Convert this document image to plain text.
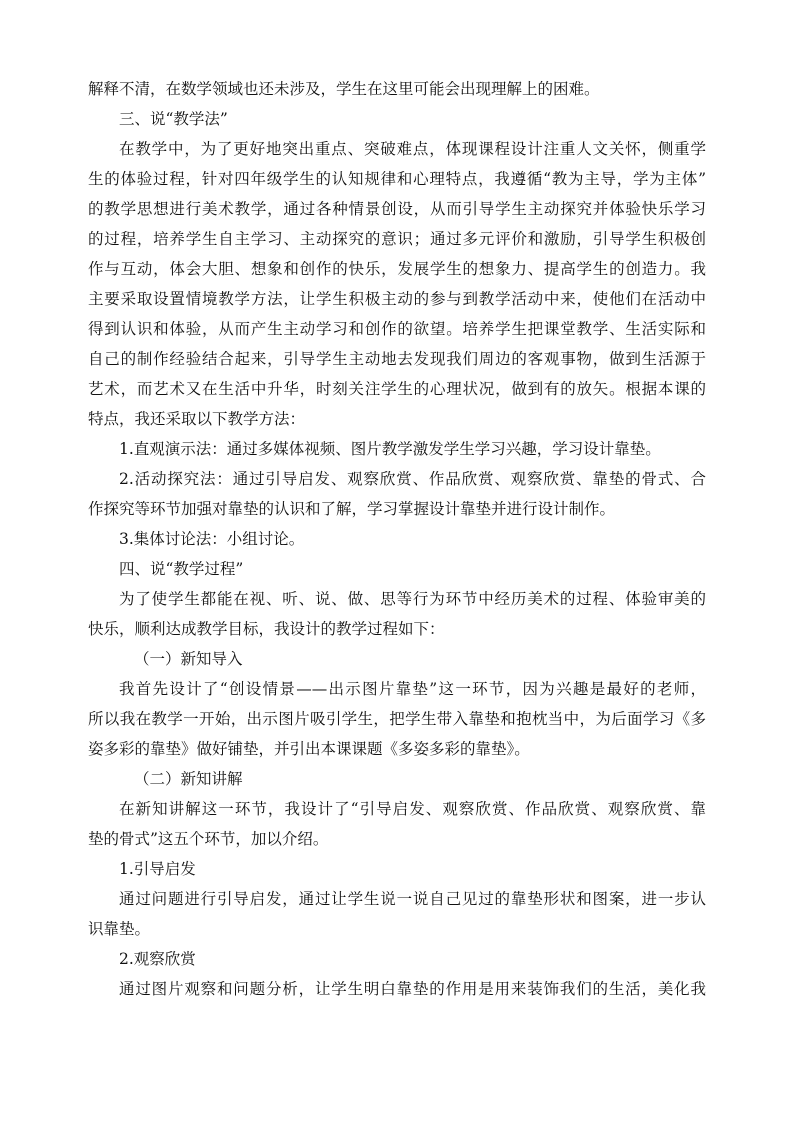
解释不清，在数学领域也还未涉及，学生在这里可能会出现理解上的困难。
三、说“教学法”
在教学中，为了更好地突出重点、突破难点，体现课程设计注重人文关怀，侧重学
生的体验过程，针对四年级学生的认知规律和心理特点，我遵循“教为主导，学为主体”
的教学思想进行美术教学，通过各种情景创设，从而引导学生主动探究并体验快乐学习
的过程，培养学生自主学习、主动探究的意识；通过多元评价和激励，引导学生积极创
作与互动，体会大胆、想象和创作的快乐，发展学生的想象力、提高学生的创造力。我
主要采取设置情境教学方法，让学生积极主动的参与到教学活动中来，使他们在活动中
得到认识和体验，从而产生主动学习和创作的欲望。培养学生把课堂教学、生活实际和
自己的制作经验结合起来，引导学生主动地去发现我们周边的客观事物，做到生活源于
艺术，而艺术又在生活中升华，时刻关注学生的心理状况，做到有的放矢。根据本课的
特点，我还采取以下教学方法：
1.直观演示法：通过多媒体视频、图片教学激发学生学习兴趣，学习设计靠垫。
2.活动探究法：通过引导启发、观察欣赏、作品欣赏、观察欣赏、靠垫的骨式、合
作探究等环节加强对靠垫的认识和了解，学习掌握设计靠垫并进行设计制作。
3.集体讨论法：小组讨论。
四、说“教学过程”
为了使学生都能在视、听、说、做、思等行为环节中经历美术的过程、体验审美的
快乐，顺利达成教学目标，我设计的教学过程如下：
（一）新知导入
我首先设计了“创设情景——出示图片靠垫”这一环节，因为兴趣是最好的老师，
所以我在教学一开始，出示图片吸引学生，把学生带入靠垫和抱枕当中，为后面学习《多
姿多彩的靠垫》做好铺垫，并引出本课课题《多姿多彩的靠垫》。
（二）新知讲解
在新知讲解这一环节，我设计了“引导启发、观察欣赏、作品欣赏、观察欣赏、靠
垫的骨式”这五个环节，加以介绍。
1.引导启发
通过问题进行引导启发，通过让学生说一说自己见过的靠垫形状和图案，进一步认
识靠垫。
2.观察欣赏
通过图片观察和问题分析，让学生明白靠垫的作用是用来装饰我们的生活，美化我
